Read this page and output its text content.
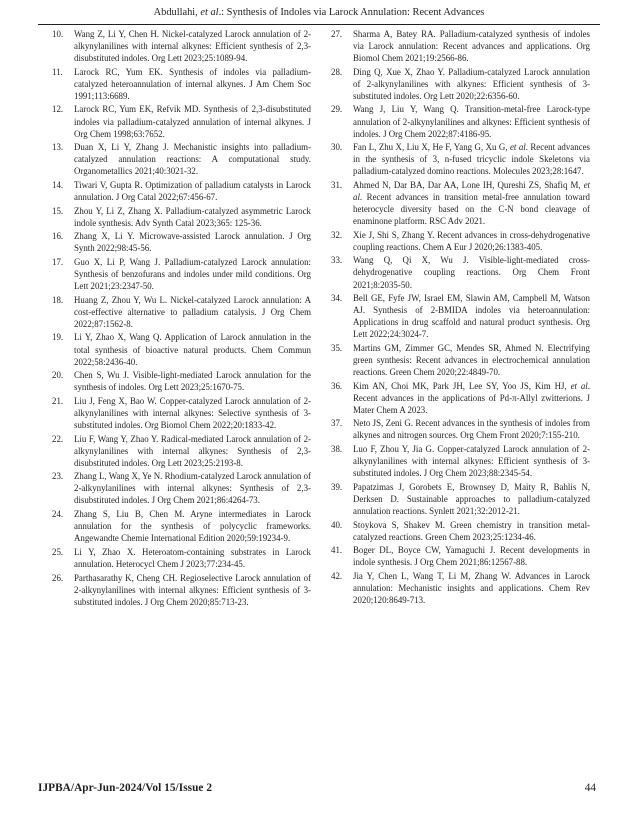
Abdullahi, et al.: Synthesis of Indoles via Larock Annulation: Recent Advances
10. Wang Z, Li Y, Chen H. Nickel-catalyzed Larock annulation of 2-alkynylanilines with internal alkynes: Efficient synthesis of 2,3-disubstituted indoles. Org Lett 2023;25:1089-94.
11. Larock RC, Yum EK. Synthesis of indoles via palladium-catalyzed heteroannulation of internal alkynes. J Am Chem Soc 1991;113:6689.
12. Larock RC, Yum EK, Refvik MD. Synthesis of 2,3-disubstituted indoles via palladium-catalyzed annulation of internal alkynes. J Org Chem 1998;63:7652.
13. Duan X, Li Y, Zhang J. Mechanistic insights into palladium-catalyzed annulation reactions: A computational study. Organometallics 2021;40:3021-32.
14. Tiwari V, Gupta R. Optimization of palladium catalysts in Larock annulation. J Org Catal 2022;67:456-67.
15. Zhou Y, Li Z, Zhang X. Palladium-catalyzed asymmetric Larock indole synthesis. Adv Synth Catal 2023;365: 125-36.
16. Zhang X, Li Y. Microwave-assisted Larock annulation. J Org Synth 2022;98:45-56.
17. Guo X, Li P, Wang J. Palladium-catalyzed Larock annulation: Synthesis of benzofurans and indoles under mild conditions. Org Lett 2021;23:2347-50.
18. Huang Z, Zhou Y, Wu L. Nickel-catalyzed Larock annulation: A cost-effective alternative to palladium catalysis. J Org Chem 2022;87:1562-8.
19. Li Y, Zhao X, Wang Q. Application of Larock annulation in the total synthesis of bioactive natural products. Chem Commun 2022;58:2436-40.
20. Chen S, Wu J. Visible-light-mediated Larock annulation for the synthesis of indoles. Org Lett 2023;25:1670-75.
21. Liu J, Feng X, Bao W. Copper-catalyzed Larock annulation of 2-alkynylanilines with internal alkynes: Selective synthesis of 3-substituted indoles. Org Biomol Chem 2022;20:1833-42.
22. Liu F, Wang Y, Zhao Y. Radical-mediated Larock annulation of 2-alkynylanilines with internal alkynes: Synthesis of 2,3-disubstituted indoles. Org Lett 2023;25:2193-8.
23. Zhang L, Wang X, Ye N. Rhodium-catalyzed Larock annulation of 2-alkynylanilines with internal alkynes: Synthesis of 2,3-disubstituted indoles. J Org Chem 2021;86:4264-73.
24. Zhang S, Liu B, Chen M. Aryne intermediates in Larock annulation for the synthesis of polycyclic frameworks. Angewandte Chemie International Edition 2020;59:19234-9.
25. Li Y, Zhao X. Heteroatom-containing substrates in Larock annulation. Heterocycl Chem J 2023;77:234-45.
26. Parthasarathy K, Cheng CH. Regioselective Larock annulation of 2-alkynylanilines with internal alkynes: Efficient synthesis of 3-substituted indoles. J Org Chem 2020;85:713-23.
27. Sharma A, Batey RA. Palladium-catalyzed synthesis of indoles via Larock annulation: Recent advances and applications. Org Biomol Chem 2021;19:2566-86.
28. Ding Q, Xue X, Zhao Y. Palladium-catalyzed Larock annulation of 2-alkynylanilines with alkynes: Efficient synthesis of 3-substituted indoles. Org Lett 2020;22:6356-60.
29. Wang J, Liu Y, Wang Q. Transition-metal-free Larock-type annulation of 2-alkynylanilines and alkynes: Efficient synthesis of indoles. J Org Chem 2022;87:4186-95.
30. Fan L, Zhu X, Liu X, He F, Yang G, Xu G, et al. Recent advances in the synthesis of 3, n-fused tricyclic indole Skeletons via palladium-catalyzed domino reactions. Molecules 2023;28:1647.
31. Ahmed N, Dar BA, Dar AA, Lone IH, Qureshi ZS, Shafiq M, et al. Recent advances in transition metal-free annulation toward heterocycle diversity based on the C-N bond cleavage of enaminone platform. RSC Adv 2021.
32. Xie J, Shi S, Zhang Y. Recent advances in cross-dehydrogenative coupling reactions. Chem A Eur J 2020;26:1383-405.
33. Wang Q, Qi X, Wu J. Visible-light-mediated cross-dehydrogenative coupling reactions. Org Chem Front 2021;8:2035-50.
34. Bell GE, Fyfe JW, Israel EM, Slawin AM, Campbell M, Watson AJ. Synthesis of 2-BMIDA indoles via heteroannulation: Applications in drug scaffold and natural product synthesis. Org Lett 2022;24:3024-7.
35. Martins GM, Zimmer GC, Mendes SR, Ahmed N. Electrifying green synthesis: Recent advances in electrochemical annulation reactions. Green Chem 2020;22:4849-70.
36. Kim AN, Choi MK, Park JH, Lee SY, Yoo JS, Kim HJ, et al. Recent advances in the applications of Pd-π-Allyl zwitterions. J Mater Chem A 2023.
37. Neto JS, Zeni G. Recent advances in the synthesis of indoles from alkynes and nitrogen sources. Org Chem Front 2020;7:155-210.
38. Luo F, Zhou Y, Jia G. Copper-catalyzed Larock annulation of 2-alkynylanilines with internal alkynes: Efficient synthesis of 3-substituted indoles. J Org Chem 2023;88:2345-54.
39. Papatzimas J, Gorobets E, Brownsey D, Maity R, Bahlis N, Derksen D. Sustainable approaches to palladium-catalyzed annulation reactions. Synlett 2021;32:2012-21.
40. Stoykova S, Shakev M. Green chemistry in transition metal-catalyzed reactions. Green Chem 2023;25:1234-46.
41. Boger DL, Boyce CW, Yamaguchi J. Recent developments in indole synthesis. J Org Chem 2021;86:12567-88.
42. Jia Y, Chen L, Wang T, Li M, Zhang W. Advances in Larock annulation: Mechanistic insights and applications. Chem Rev 2020;120:8649-713.
IJPBA/Apr-Jun-2024/Vol 15/Issue 2	44
